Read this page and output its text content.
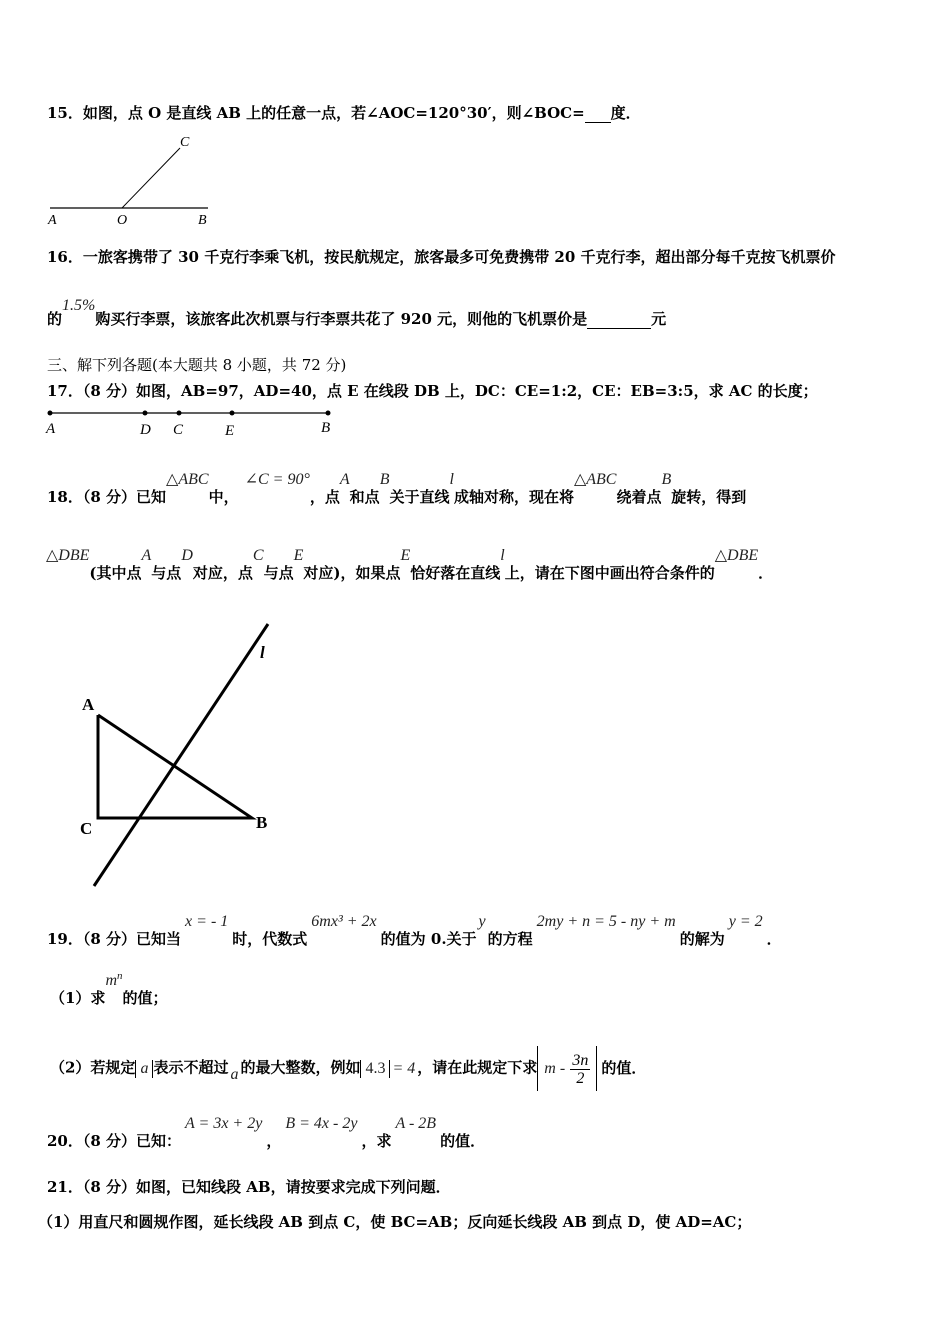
15．如图，点 O 是直线 AB 上的任意一点，若∠AOC=120°30′，则∠BOC= 度．
C
A	O	B
16．一旅客携带了 30 千克行李乘飞机，按民航规定，旅客最多可免费携带 20 千克行李，超出部分每千克按飞机票价
的1.5%购买行李票，该旅客此次机票与行李票共花了 920 元，则他的飞机票价是	元
三、解下列各题(本大题共 8 小题，共 72 分)
17．（8 分）如图，AB=97，AD=40，点 E 在线段 DB 上，DC：CE=1:2，CE：EB=3:5，求 AC 的长度；
A	D C	E	B
18．（8 分）已知△ABC中，∠C = 90°，点A和点B关于直线l成轴对称，现在将△ABC绕着点B旋转，得到
△DBE(其中点A与点D对应，点C与点E对应)，如果点E恰好落在直线l上，请在下图中画出符合条件的△DBE．
l
A
C	B
19．（8 分）已知当x = - 1时，代数式6mx³ + 2x的值为 0.关于y的方程2my + n = 5 - ny + m的解为y = 2．
（1）求$m^n$的值；
（2）若规定 a 表示不超过 a 的最大整数，例如 4.3 = 4 ，请在此规定下求 m - $\frac{3n}{2}$ 的值．
20．（8 分）已知：A = 3x + 2y，B = 4x - 2y，求A - 2B的值．
21．（8 分）如图，已知线段 AB，请按要求完成下列问题．
（1）用直尺和圆规作图，延长线段 AB 到点 C，使 BC=AB；反向延长线段 AB 到点 D，使 AD=AC；
